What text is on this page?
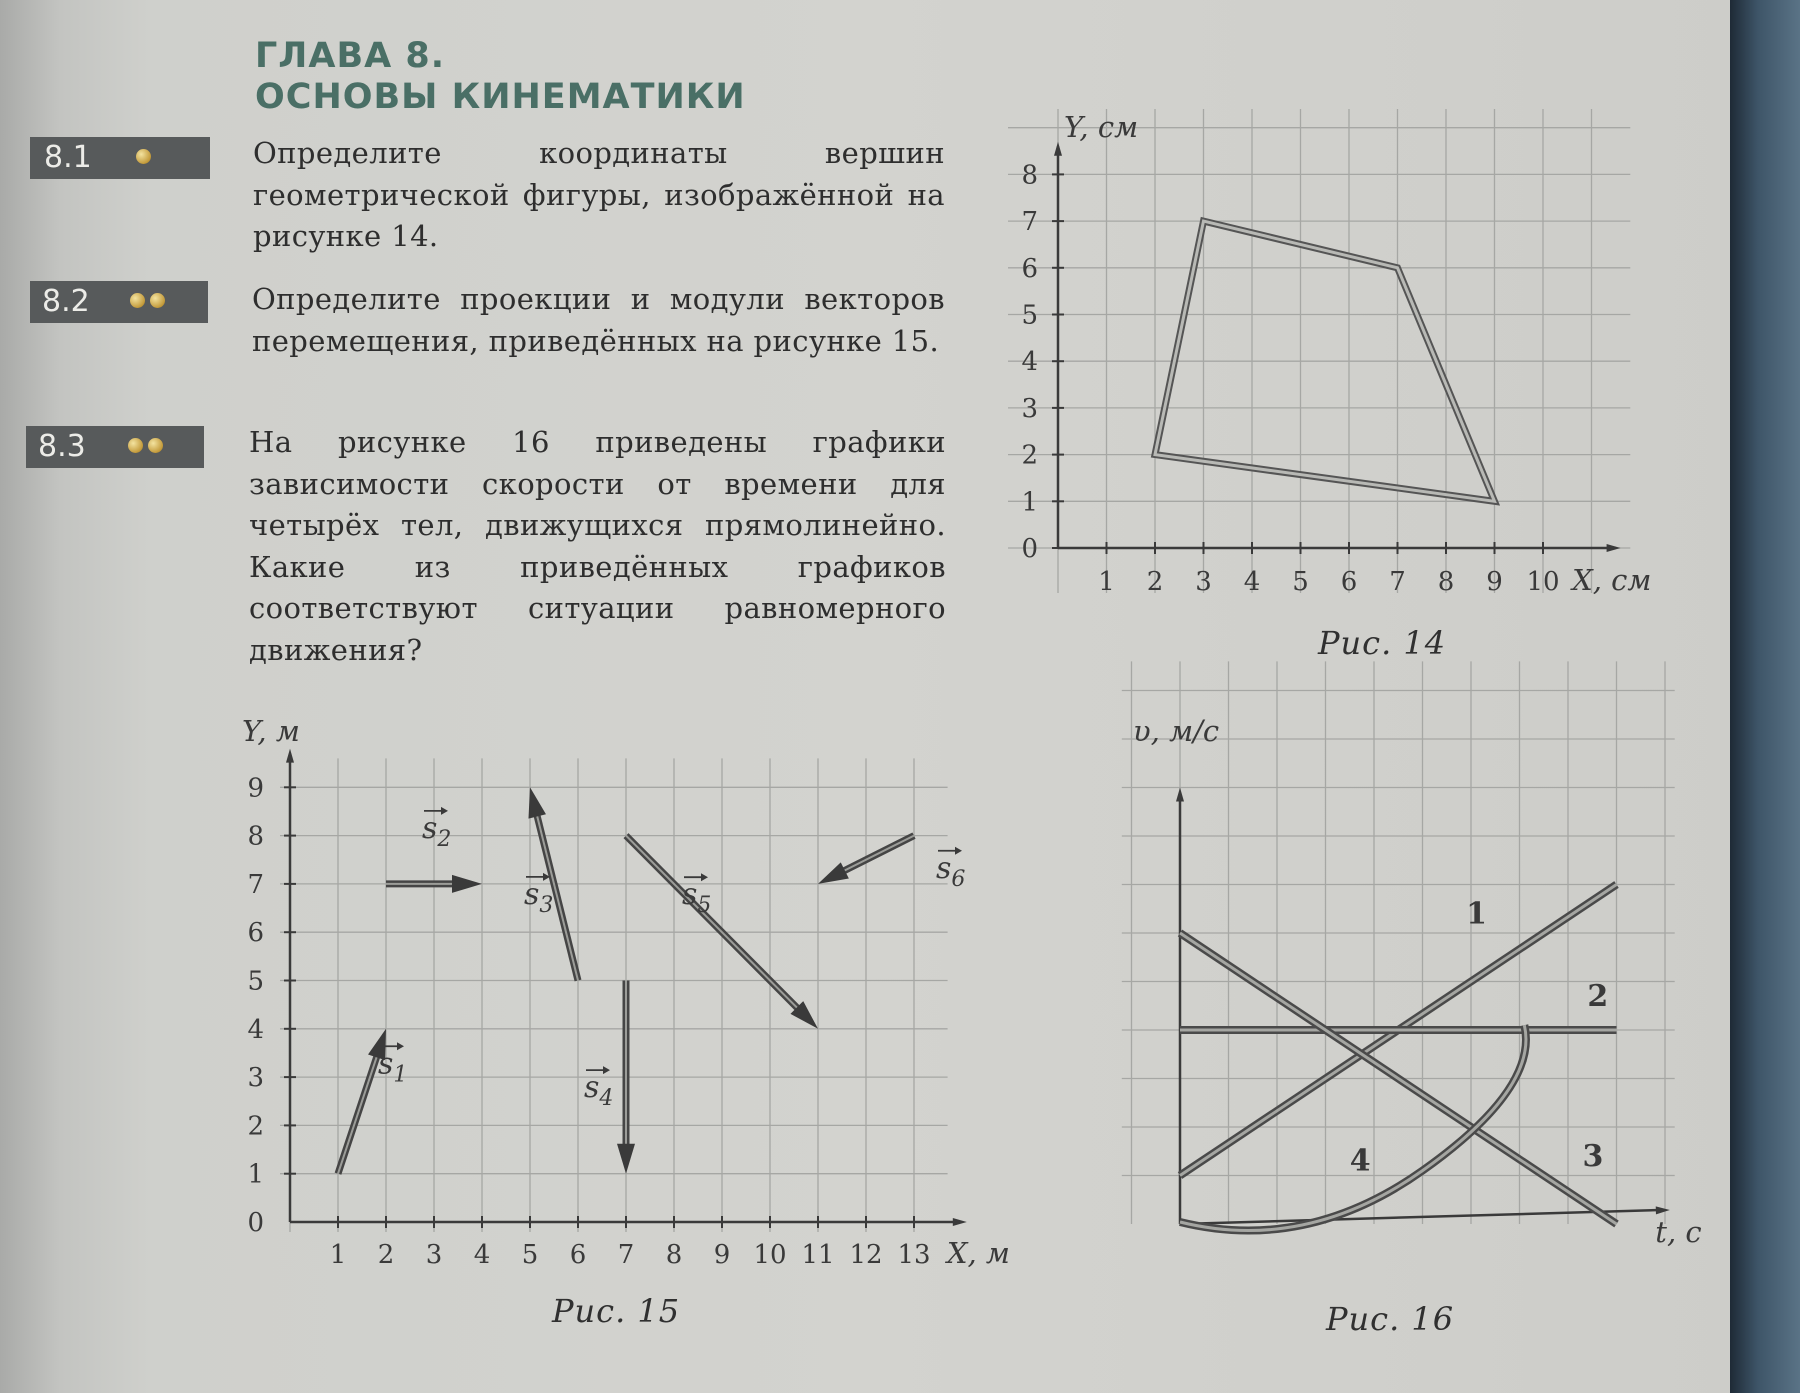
ГЛАВА 8.
ОСНОВЫ КИНЕМАТИКИ
8.1	Определите координаты вершин геометрической фигуры, изображённой на рисунке 14.

8.2	Определите проекции и модули векторов перемещения, приведённых на рисунке 15.

8.3	На рисунке 16 приведены графики зависимости скорости от времени для четырёх тел, движущихся прямолинейно. Какие из приведённых графиков соответствуют ситуации равномерного движения?

0
1
2
3
4
5
6
7
8
1 2 3 4 5 6 7 8 9 10
Y, см
X, см
0
1
2
3
4
5
6
7
8
9
1 2 3 4 5 6 7 8 9 10 11 12 13
Y, м
X, м
$s_1$
$s_2$
$s_3$
$s_4$
$s_5$
$s_6$
υ, м/с
t, с
1
2
3
4
Рис. 14
Рис. 15	Рис. 16
